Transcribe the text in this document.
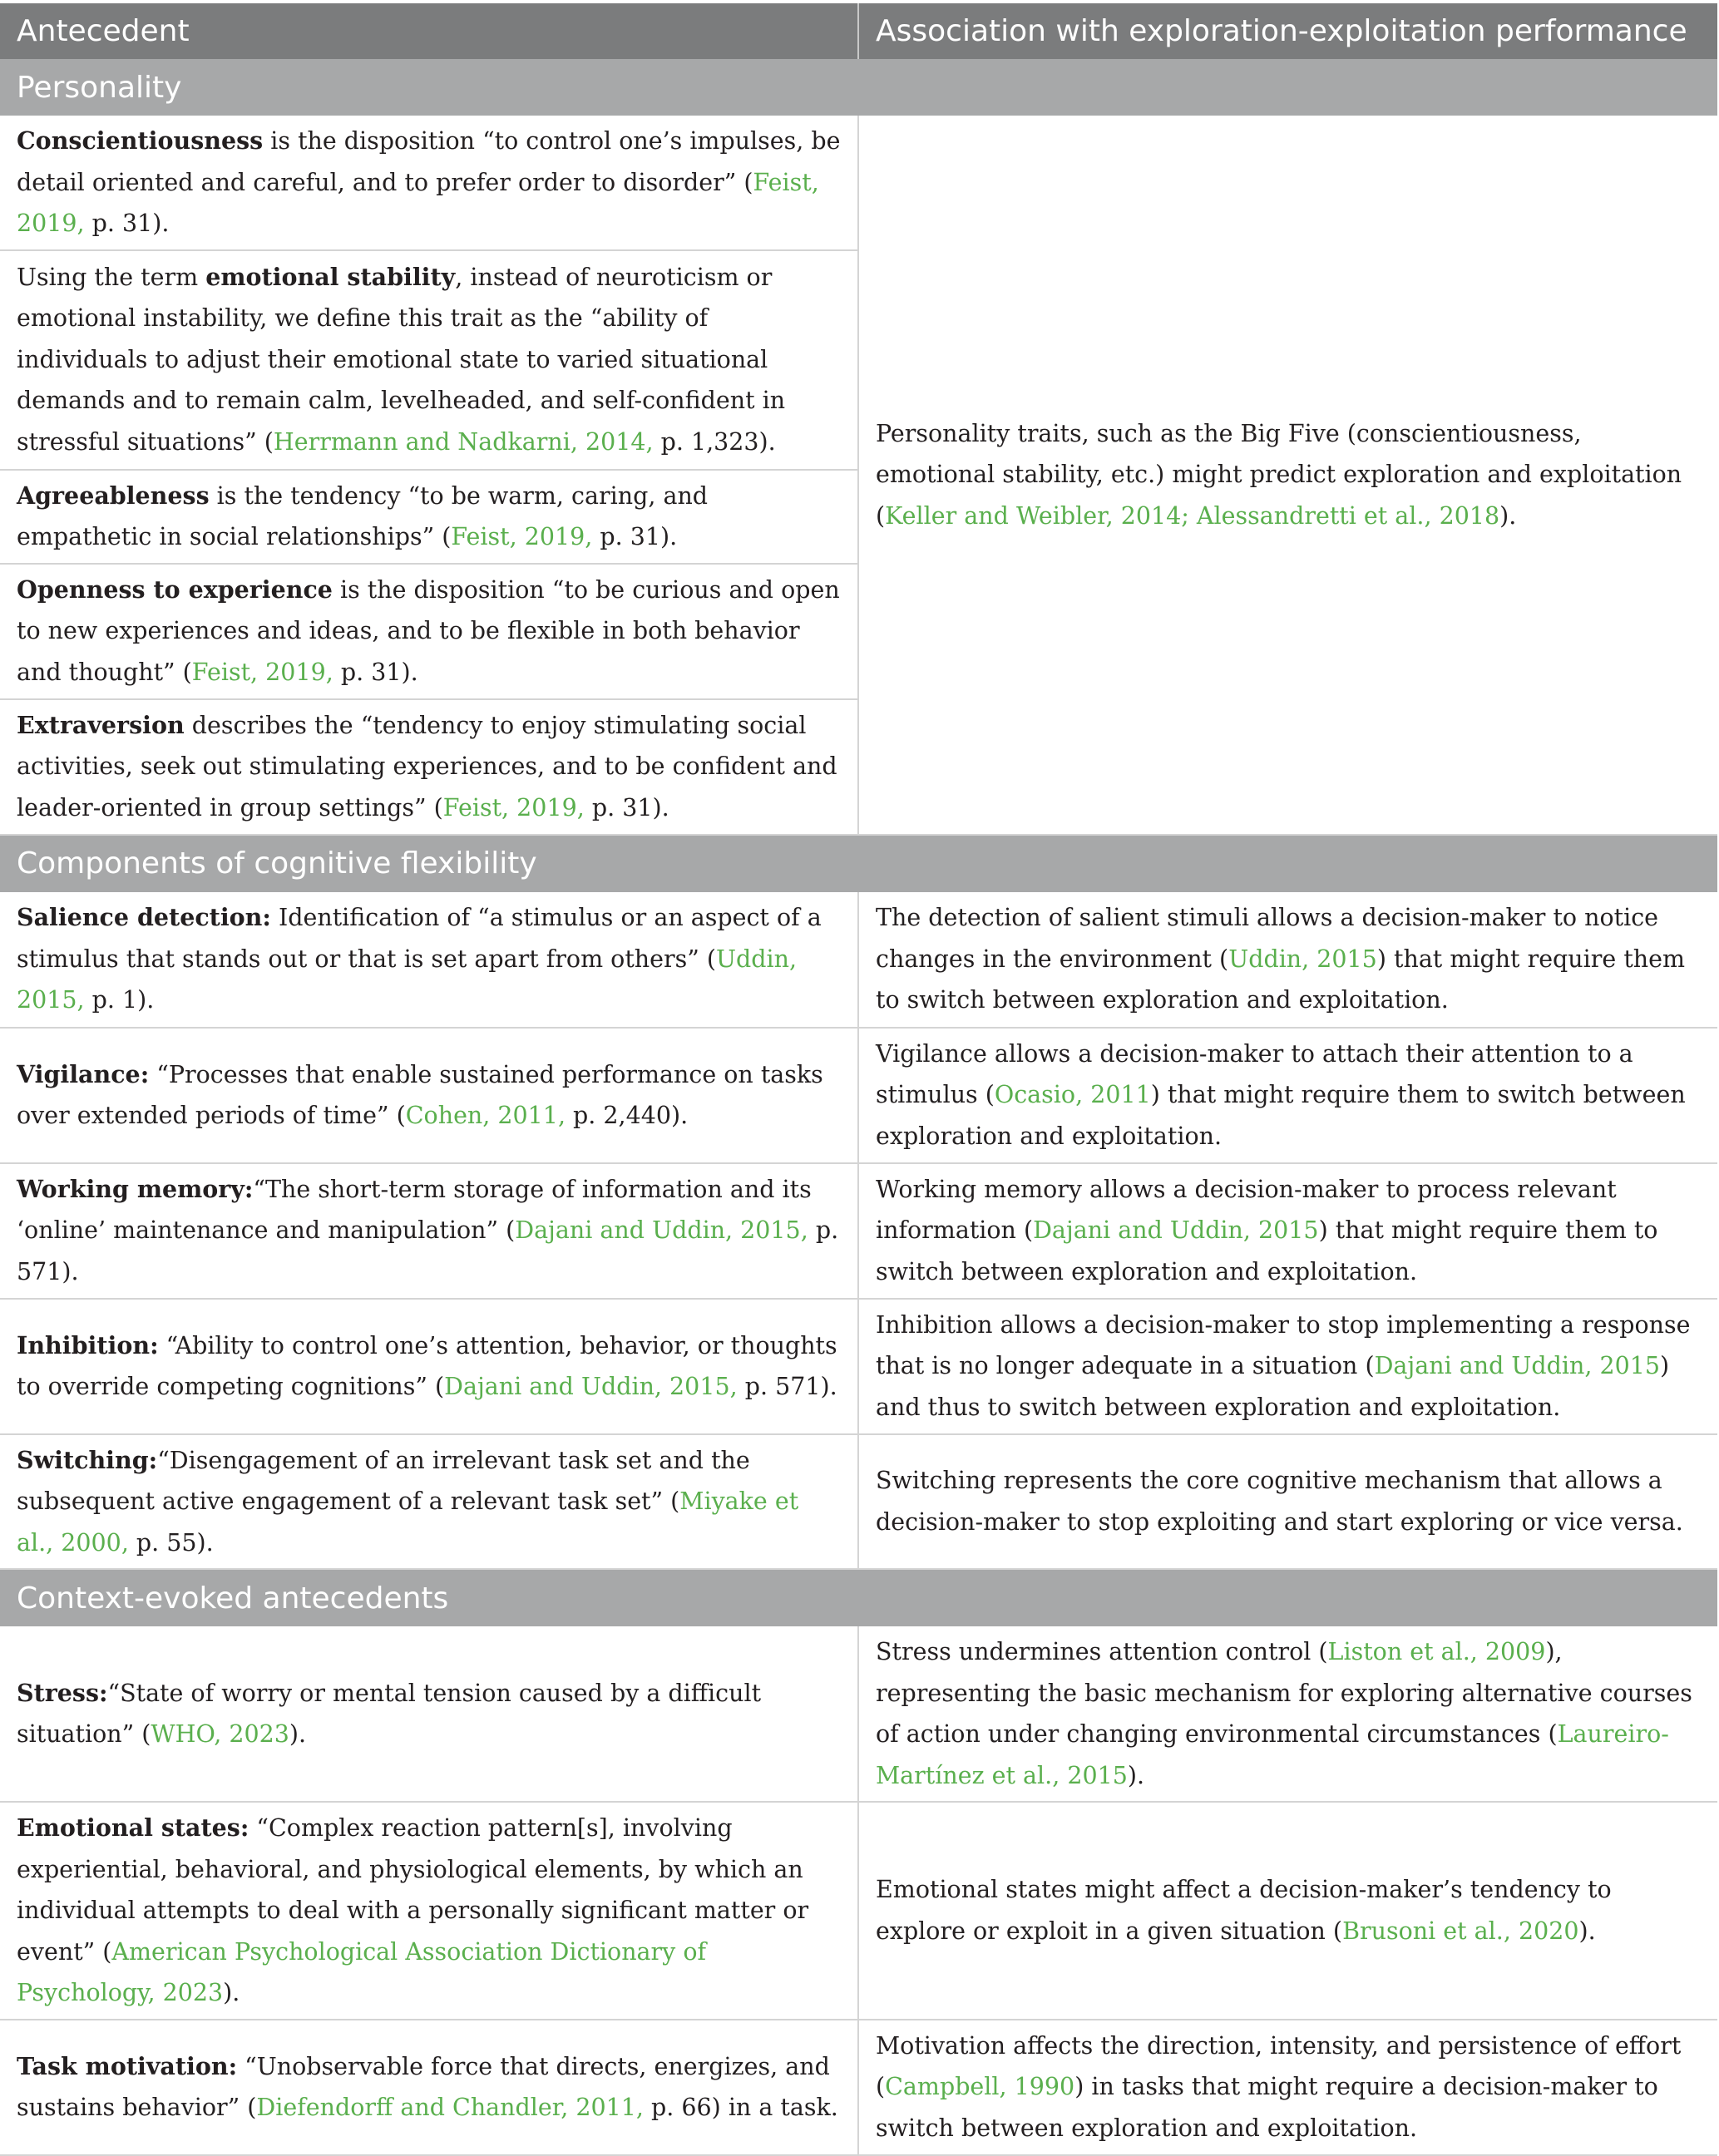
Antecedent	Association with exploration-exploitation performance
Personality	
Conscientiousness is the disposition “to control one’s impulses, be detail oriented and careful, and to prefer order to disorder” (Feist, 2019, p. 31).	Personality traits, such as the Big Five (conscientiousness, emotional stability, etc.) might predict exploration and exploitation (Keller and Weibler, 2014; Alessandretti et al., 2018).
Using the term emotional stability, instead of neuroticism or emotional instability, we define this trait as the “ability of individuals to adjust their emotional state to varied situational demands and to remain calm, levelheaded, and self-confident in stressful situations” (Herrmann and Nadkarni, 2014, p. 1,323).	
Agreeableness is the tendency “to be warm, caring, and empathetic in social relationships” (Feist, 2019, p. 31).	
Openness to experience is the disposition “to be curious and open to new experiences and ideas, and to be flexible in both behavior and thought” (Feist, 2019, p. 31).	
Extraversion describes the “tendency to enjoy stimulating social activities, seek out stimulating experiences, and to be confident and leader-oriented in group settings” (Feist, 2019, p. 31).	
Components of cognitive flexibility	
Salience detection: Identification of “a stimulus or an aspect of a stimulus that stands out or that is set apart from others” (Uddin, 2015, p. 1).	The detection of salient stimuli allows a decision-maker to notice changes in the environment (Uddin, 2015) that might require them to switch between exploration and exploitation.
Vigilance: “Processes that enable sustained performance on tasks over extended periods of time” (Cohen, 2011, p. 2,440).	Vigilance allows a decision-maker to attach their attention to a stimulus (Ocasio, 2011) that might require them to switch between exploration and exploitation.
Working memory:“The short-term storage of information and its ‘online’ maintenance and manipulation” (Dajani and Uddin, 2015, p. 571).	Working memory allows a decision-maker to process relevant information (Dajani and Uddin, 2015) that might require them to switch between exploration and exploitation.
Inhibition: “Ability to control one’s attention, behavior, or thoughts to override competing cognitions” (Dajani and Uddin, 2015, p. 571).	Inhibition allows a decision-maker to stop implementing a response that is no longer adequate in a situation (Dajani and Uddin, 2015) and thus to switch between exploration and exploitation.
Switching:“Disengagement of an irrelevant task set and the subsequent active engagement of a relevant task set” (Miyake et al., 2000, p. 55).	Switching represents the core cognitive mechanism that allows a decision-maker to stop exploiting and start exploring or vice versa.
Context-evoked antecedents	
Stress:“State of worry or mental tension caused by a difficult situation” (WHO, 2023).	Stress undermines attention control (Liston et al., 2009), representing the basic mechanism for exploring alternative courses of action under changing environmental circumstances (Laureiro-Martínez et al., 2015).
Emotional states: “Complex reaction pattern[s], involving experiential, behavioral, and physiological elements, by which an individual attempts to deal with a personally significant matter or event” (American Psychological Association Dictionary of Psychology, 2023).	Emotional states might affect a decision-maker’s tendency to explore or exploit in a given situation (Brusoni et al., 2020).
Task motivation: “Unobservable force that directs, energizes, and sustains behavior” (Diefendorff and Chandler, 2011, p. 66) in a task.	Motivation affects the direction, intensity, and persistence of effort (Campbell, 1990) in tasks that might require a decision-maker to switch between exploration and exploitation.
